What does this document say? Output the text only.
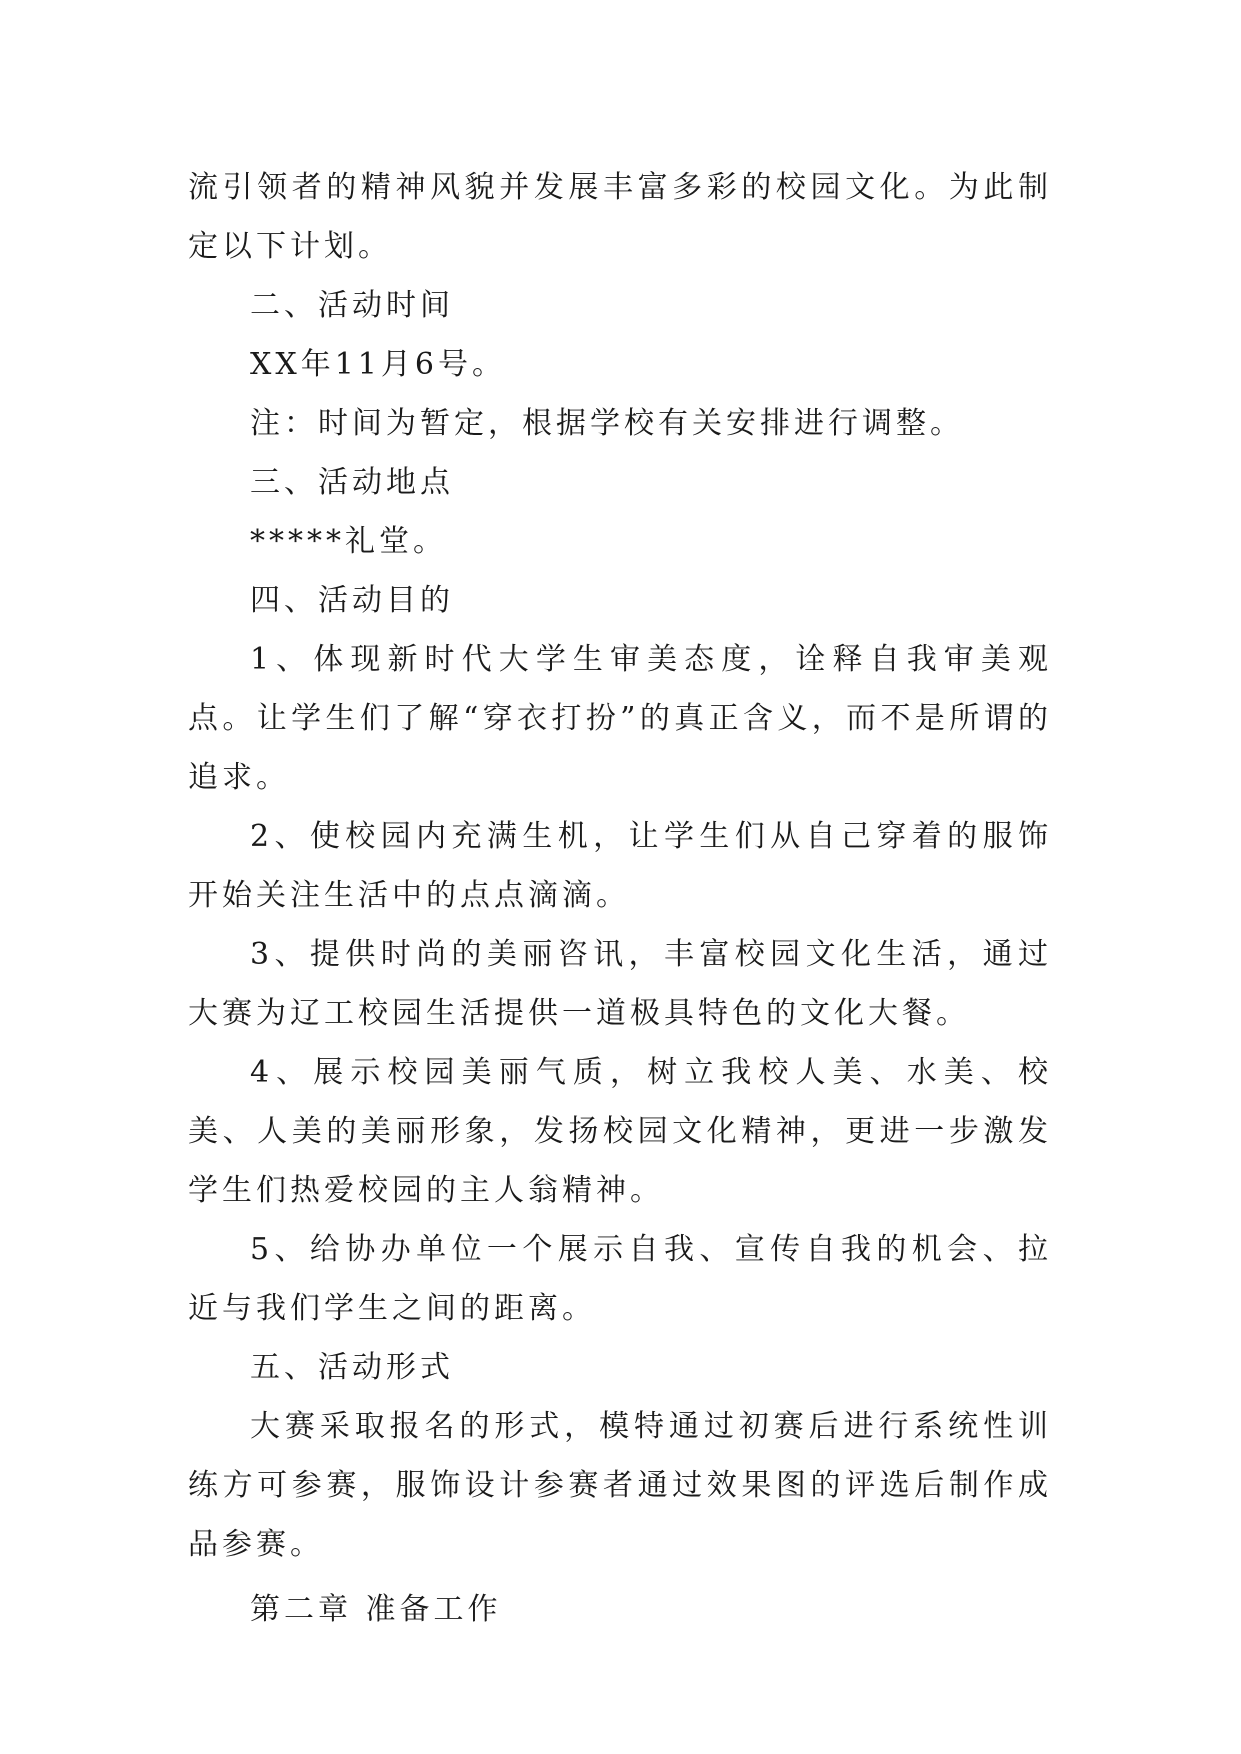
流引领者的精神风貌并发展丰富多彩的校园文化。为此制定以下计划。

二、活动时间

XX年11月6号。

注：时间为暂定，根据学校有关安排进行调整。

三、活动地点

*****礼堂。

四、活动目的

1、体现新时代大学生审美态度，诠释自我审美观点。让学生们了解“穿衣打扮”的真正含义，而不是所谓的追求。

2、使校园内充满生机，让学生们从自己穿着的服饰开始关注生活中的点点滴滴。

3、提供时尚的美丽咨讯，丰富校园文化生活，通过大赛为辽工校园生活提供一道极具特色的文化大餐。

4、展示校园美丽气质，树立我校人美、水美、校美、人美的美丽形象，发扬校园文化精神，更进一步激发学生们热爱校园的主人翁精神。

5、给协办单位一个展示自我、宣传自我的机会、拉近与我们学生之间的距离。

五、活动形式

大赛采取报名的形式，模特通过初赛后进行系统性训练方可参赛，服饰设计参赛者通过效果图的评选后制作成品参赛。

第二章 准备工作
